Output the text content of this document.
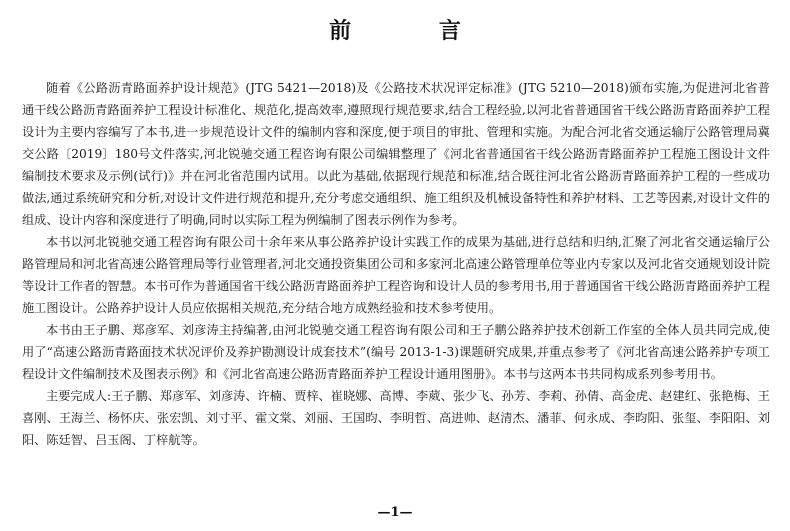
前 言

随着《公路沥青路面养护设计规范》(JTG 5421—2018)及《公路技术状况评定标准》(JTG 5210—2018)颁布实施,为促进河北省普通干线公路沥青路面养护工程设计标准化、规范化,提高效率,遵照现行规范要求,结合工程经验,以河北省普通国省干线公路沥青路面养护工程设计为主要内容编写了本书,进一步规范设计文件的编制内容和深度,便于项目的审批、管理和实施。为配合河北省交通运输厅公路管理局冀交公路〔2019〕180号文件落实,河北锐驰交通工程咨询有限公司编辑整理了《河北省普通国省干线公路沥青路面养护工程施工图设计文件编制技术要求及示例(试行)》并在河北省范围内试用。以此为基础,依据现行规范和标准,结合既往河北省公路沥青路面养护工程的一些成功做法,通过系统研究和分析,对设计文件进行规范和提升,充分考虑交通组织、施工组织及机械设备特性和养护材料、工艺等因素,对设计文件的组成、设计内容和深度进行了明确,同时以实际工程为例编制了图表示例作为参考。

本书以河北锐驰交通工程咨询有限公司十余年来从事公路养护设计实践工作的成果为基础,进行总结和归纳,汇聚了河北省交通运输厅公路管理局和河北省高速公路管理局等行业管理者,河北交通投资集团公司和多家河北高速公路管理单位等业内专家以及河北省交通规划设计院等设计工作者的智慧。本书可作为普通国省干线公路沥青路面养护工程咨询和设计人员的参考用书,用于普通国省干线公路沥青路面养护工程施工图设计。公路养护设计人员应依据相关规范,充分结合地方成熟经验和技术参考使用。

本书由王子鹏、郑彦军、刘彦涛主持编著,由河北锐驰交通工程咨询有限公司和王子鹏公路养护技术创新工作室的全体人员共同完成,使用了“高速公路沥青路面技术状况评价及养护勘测设计成套技术”(编号 2013-1-3)课题研究成果,并重点参考了《河北省高速公路养护专项工程设计文件编制技术及图表示例》和《河北省高速公路沥青路面养护工程设计通用图册》。本书与这两本书共同构成系列参考用书。

主要完成人:王子鹏、郑彦军、刘彦涛、许楠、贾梓、崔晓娜、高博、李葳、张少飞、孙芳、李莉、孙倩、高金虎、赵建红、张艳梅、王喜刚、王海兰、杨怀庆、张宏凯、刘寸平、霍文棠、刘丽、王国昀、李明哲、高进帅、赵清杰、潘菲、何永成、李昀阳、张玺、李阳阳、刘阳、陈廷智、吕玉阁、丁梓航等。

—1—
